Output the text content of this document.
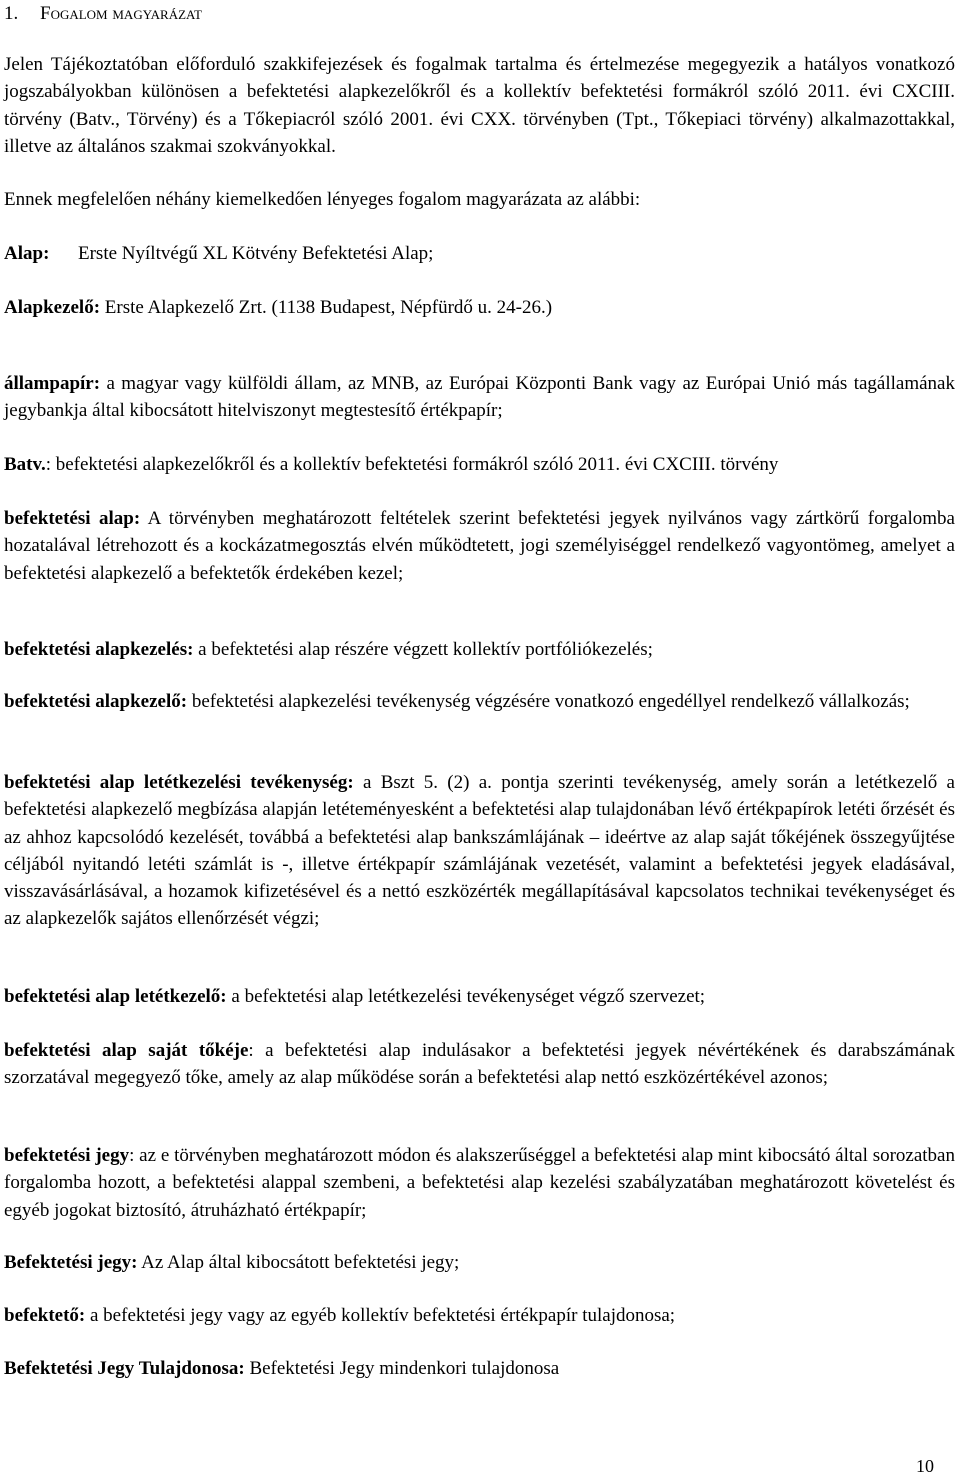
1. Fogalom magyarázat

Jelen Tájékoztatóban előforduló szakkifejezések és fogalmak tartalma és értelmezése megegyezik a hatályos vonatkozó jogszabályokban különösen a befektetési alapkezelőkről és a kollektív befektetési formákról szóló 2011. évi CXCIII. törvény (Batv., Törvény) és a Tőkepiacról szóló 2001. évi CXX. törvényben (Tpt., Tőkepiaci törvény) alkalmazottakkal, illetve az általános szakmai szokványokkal.

Ennek megfelelően néhány kiemelkedően lényeges fogalom magyarázata az alábbi:

Alap: Erste Nyíltvégű XL Kötvény Befektetési Alap;

Alapkezelő: Erste Alapkezelő Zrt. (1138 Budapest, Népfürdő u. 24-26.)

állampapír: a magyar vagy külföldi állam, az MNB, az Európai Központi Bank vagy az Európai Unió más tagállamának jegybankja által kibocsátott hitelviszonyt megtestesítő értékpapír;

Batv.: befektetési alapkezelőkről és a kollektív befektetési formákról szóló 2011. évi CXCIII. törvény

befektetési alap: A törvényben meghatározott feltételek szerint befektetési jegyek nyilvános vagy zártkörű forgalomba hozatalával létrehozott és a kockázatmegosztás elvén működtetett, jogi személyiséggel rendelkező vagyontömeg, amelyet a befektetési alapkezelő a befektetők érdekében kezel;

befektetési alapkezelés: a befektetési alap részére végzett kollektív portfóliókezelés;

befektetési alapkezelő: befektetési alapkezelési tevékenység végzésére vonatkozó engedéllyel rendelkező vállalkozás;

befektetési alap letétkezelési tevékenység: a Bszt 5. (2) a. pontja szerinti tevékenység, amely során a letétkezelő a befektetési alapkezelő megbízása alapján letéteményesként a befektetési alap tulajdonában lévő értékpapírok letéti őrzését és az ahhoz kapcsolódó kezelését, továbbá a befektetési alap bankszámlájának – ideértve az alap saját tőkéjének összegyűjtése céljából nyitandó letéti számlát is -, illetve értékpapír számlájának vezetését, valamint a befektetési jegyek eladásával, visszavásárlásával, a hozamok kifizetésével és a nettó eszközérték megállapításával kapcsolatos technikai tevékenységet és az alapkezelők sajátos ellenőrzését végzi;

befektetési alap letétkezelő: a befektetési alap letétkezelési tevékenységet végző szervezet;

befektetési alap saját tőkéje: a befektetési alap indulásakor a befektetési jegyek névértékének és darabszámának szorzatával megegyező tőke, amely az alap működése során a befektetési alap nettó eszközértékével azonos;

befektetési jegy: az e törvényben meghatározott módon és alakszerűséggel a befektetési alap mint kibocsátó által sorozatban forgalomba hozott, a befektetési alappal szembeni, a befektetési alap kezelési szabályzatában meghatározott követelést és egyéb jogokat biztosító, átruházható értékpapír;

Befektetési jegy: Az Alap által kibocsátott befektetési jegy;

befektető: a befektetési jegy vagy az egyéb kollektív befektetési értékpapír tulajdonosa;

Befektetési Jegy Tulajdonosa: Befektetési Jegy mindenkori tulajdonosa

10
